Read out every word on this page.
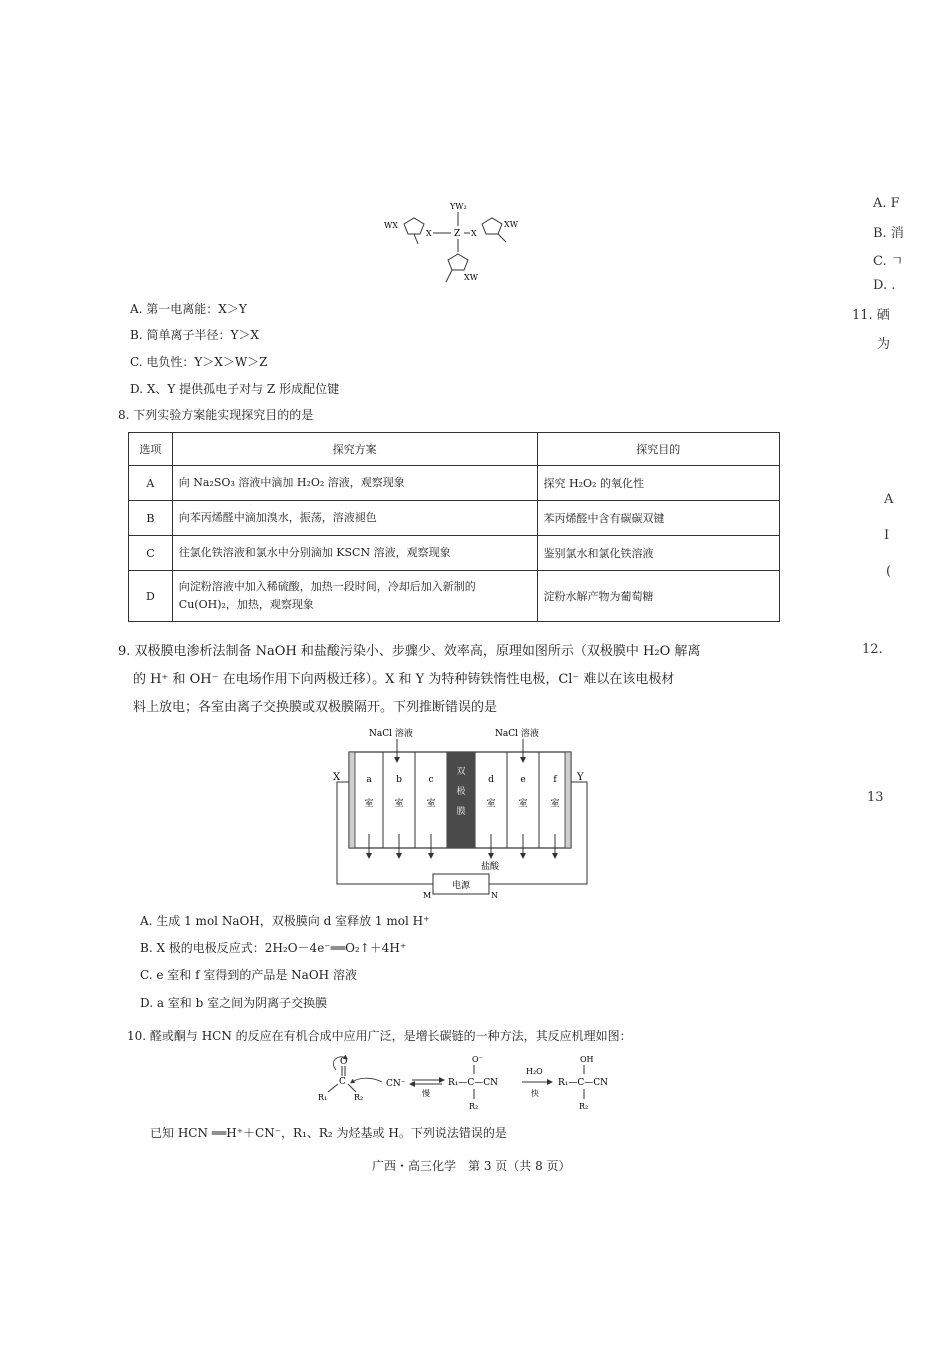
YW₂
Z
WX
X	X
XW
XW
A. 第一电离能：X＞Y
B. 简单离子半径：Y＞X
C. 电负性：Y＞X＞W＞Z
D. X、Y 提供孤电子对与 Z 形成配位键
8. 下列实验方案能实现探究目的的是
选项	探究方案	探究目的
A	向 Na₂SO₃ 溶液中滴加 H₂O₂ 溶液，观察现象	探究 H₂O₂ 的氧化性
B	向苯丙烯醛中滴加溴水，振荡，溶液褪色	苯丙烯醛中含有碳碳双键
C	往氯化铁溶液和氯水中分别滴加 KSCN 溶液，观察现象	鉴别氯水和氯化铁溶液
D	向淀粉溶液中加入稀硫酸，加热一段时间，冷却后加入新制的 Cu(OH)₂，加热，观察现象	淀粉水解产物为葡萄糖
9. 双极膜电渗析法制备 NaOH 和盐酸污染小、步骤少、效率高，原理如图所示（双极膜中 H₂O 解离
的 H⁺ 和 OH⁻ 在电场作用下向两极迁移）。X 和 Y 为特种铸铁惰性电极，Cl⁻ 难以在该电极材
料上放电；各室由离子交换膜或双极膜隔开。下列推断错误的是
NaCl 溶液	NaCl 溶液
X	Y
a
室
b
室
c
室
双
极
膜
d
室
e
室
f
室
盐酸
电源
M	N
A. 生成 1 mol NaOH，双极膜向 d 室释放 1 mol H⁺
B. X 极的电极反应式：2H₂O－4e⁻══O₂↑＋4H⁺
C. e 室和 f 室得到的产品是 NaOH 溶液
D. a 室和 b 室之间为阴离子交换膜
10. 醛或酮与 HCN 的反应在有机合成中应用广泛，是增长碳链的一种方法，其反应机理如图：
O
C
R₁	R₂
CN⁻
慢
O⁻
R₁—C—CN
R₂
H₂O
快
OH
R₁—C—CN
R₂
已知 HCN ══H⁺＋CN⁻，R₁、R₂ 为烃基或 H。下列说法错误的是
广西・高三化学　第 3 页（共 8 页）
A. F
B. 消
C. ㄱ
D. .
11. 硒
为
A
I
(
12.
13
